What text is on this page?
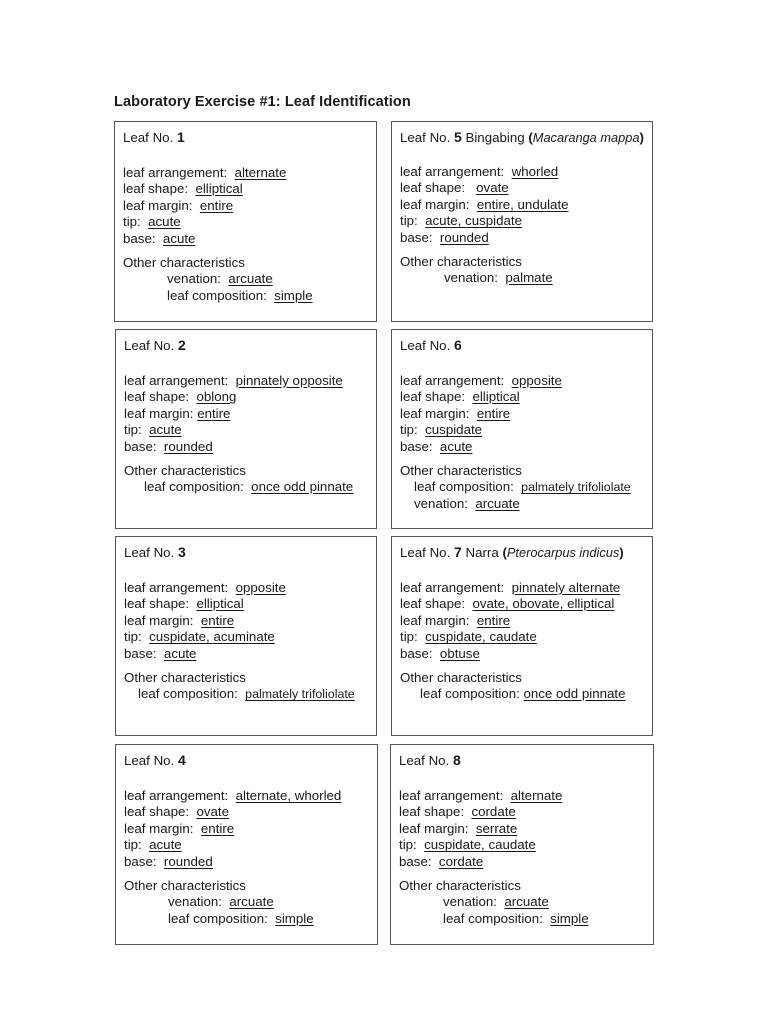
Laboratory Exercise #1: Leaf Identification
Leaf No. 1
leaf arrangement: alternate
leaf shape: elliptical
leaf margin: entire
tip: acute
base: acute
Other characteristics
venation: arcuate
leaf composition: simple
Leaf No. 5 Bingabing (Macaranga mappa)
leaf arrangement: whorled
leaf shape: ovate
leaf margin: entire, undulate
tip: acute, cuspidate
base: rounded
Other characteristics
venation: palmate
Leaf No. 2
leaf arrangement: pinnately opposite
leaf shape: oblong
leaf margin: entire
tip: acute
base: rounded
Other characteristics
leaf composition: once odd pinnate
Leaf No. 6
leaf arrangement: opposite
leaf shape: elliptical
leaf margin: entire
tip: cuspidate
base: acute
Other characteristics
leaf composition: palmately trifoliolate
venation: arcuate
Leaf No. 3
leaf arrangement: opposite
leaf shape: elliptical
leaf margin: entire
tip: cuspidate, acuminate
base: acute
Other characteristics
leaf composition: palmately trifoliolate
Leaf No. 7 Narra (Pterocarpus indicus)
leaf arrangement: pinnately alternate
leaf shape: ovate, obovate, elliptical
leaf margin: entire
tip: cuspidate, caudate
base: obtuse
Other characteristics
leaf composition: once odd pinnate
Leaf No. 4
leaf arrangement: alternate, whorled
leaf shape: ovate
leaf margin: entire
tip: acute
base: rounded
Other characteristics
venation: arcuate
leaf composition: simple
Leaf No. 8
leaf arrangement: alternate
leaf shape: cordate
leaf margin: serrate
tip: cuspidate, caudate
base: cordate
Other characteristics
venation: arcuate
leaf composition: simple
